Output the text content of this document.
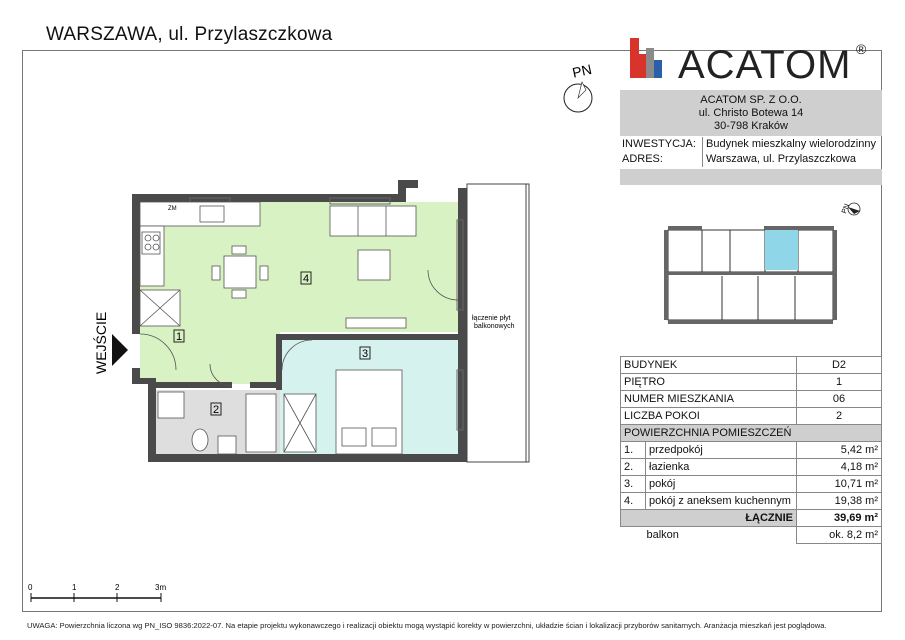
WARSZAWA, ul. Przylaszczkowa
ACATOM ®
ACATOM SP. Z O.O.
ul. Christo Botewa 14
30-798 Kraków
INWESTYCJA: Budynek mieszkalny wielorodzinny
ADRES:	Warszawa, ul. Przylaszczkowa
PN
BUDYNEK		D2
PIĘTRO		1
NUMER MIESZKANIA		06
LICZBA POKOI		2
POWIERZCHNIA POMIESZCZEŃ		
1.	przedpokój	5,42 m²
2.	łazienka	4,18 m²
3.	pokój	10,71 m²
4.	pokój z aneksem kuchennym	19,38 m²
ŁĄCZNIE		39,69 m²
balkon		ok. 8,2 m²
PN
ZM
WEJŚCIE	1
2
3
4
łączenie płyt
balkonowych
0	1	2	3m
UWAGA: Powierzchnia liczona wg PN_ISO 9836:2022-07. Na etapie projektu wykonawczego i realizacji obiektu mogą wystąpić korekty w powierzchni, układzie ścian i lokalizacji przyborów sanitarnych. Aranżacja mieszkań jest poglądowa.
